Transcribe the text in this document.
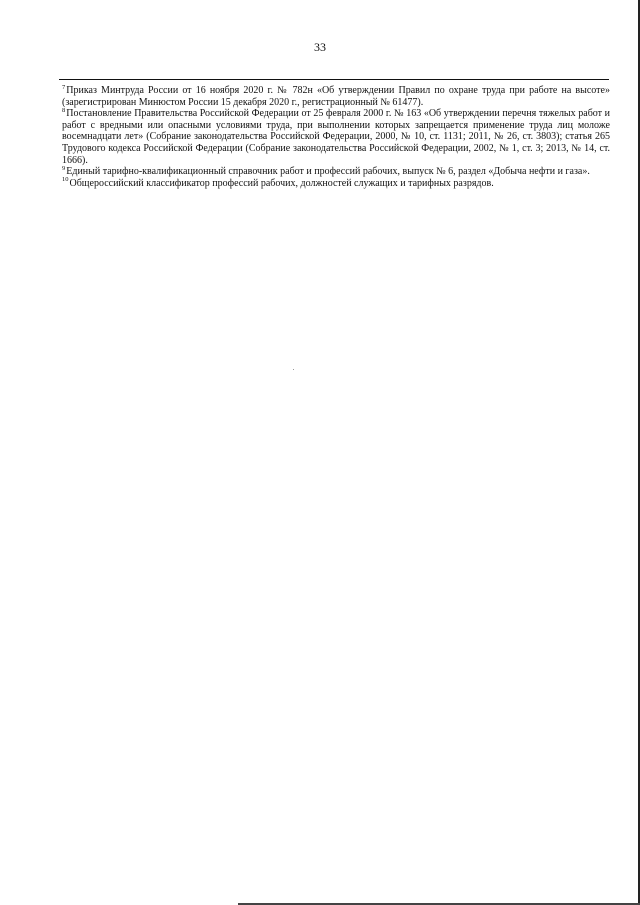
33

$^7$Приказ Минтруда России от 16 ноября 2020 г. № 782н «Об утверждении Правил по охране труда при работе на высоте» (зарегистрирован Минюстом России 15 декабря 2020 г., регистрационный № 61477).

$^8$Постановление Правительства Российской Федерации от 25 февраля 2000 г. № 163 «Об утверждении перечня тяжелых работ и работ с вредными или опасными условиями труда, при выполнении которых запрещается применение труда лиц моложе восемнадцати лет» (Собрание законодательства Российской Федерации, 2000, № 10, ст. 1131; 2011, № 26, ст. 3803); статья 265 Трудового кодекса Российской Федерации (Собрание законодательства Российской Федерации, 2002, № 1, ст. 3; 2013, № 14, ст. 1666).

$^9$Единый тарифно-квалификационный справочник работ и профессий рабочих, выпуск № 6, раздел «Добыча нефти и газа».

$^{10}$Общероссийский классификатор профессий рабочих, должностей служащих и тарифных разрядов.
